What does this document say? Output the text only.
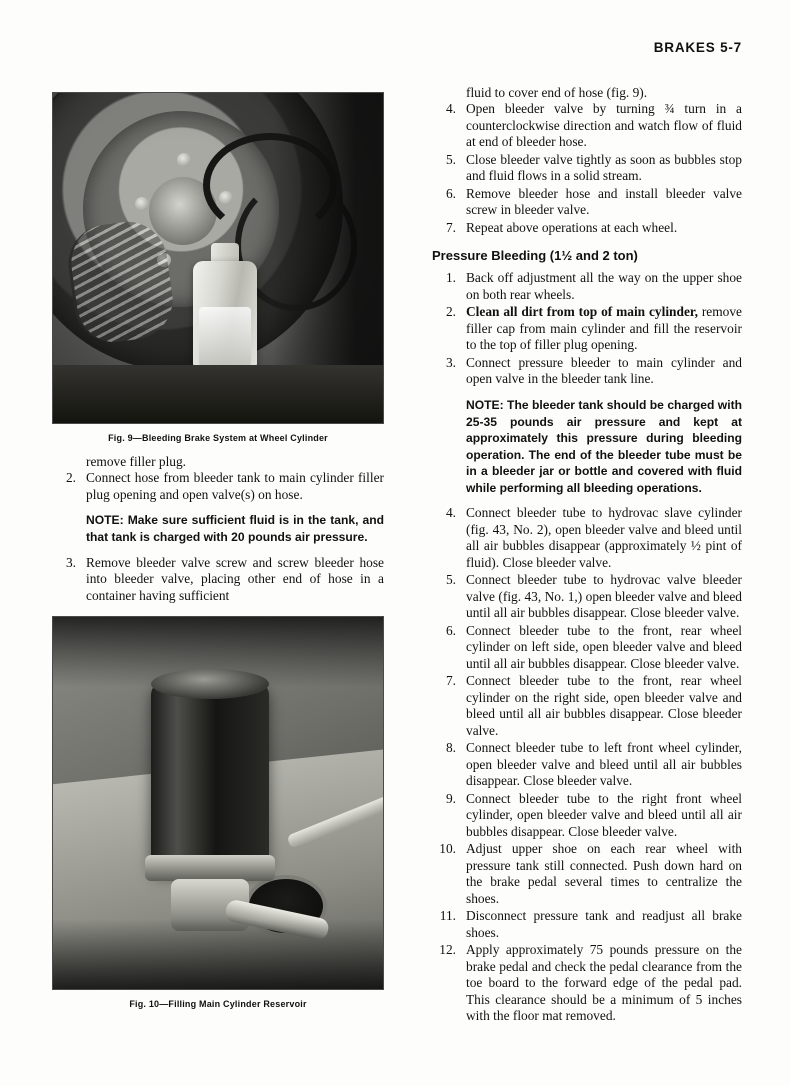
BRAKES 5-7
Fig. 9—Bleeding Brake System at Wheel Cylinder

remove filler plug.

2. Connect hose from bleeder tank to main cylinder filler plug opening and open valve(s) on hose.
NOTE: Make sure sufficient fluid is in the tank, and that tank is charged with 20 pounds air pressure.
3. Remove bleeder valve screw and screw bleeder hose into bleeder valve, placing other end of hose in a container having sufficient
Fig. 10—Filling Main Cylinder Reservoir

fluid to cover end of hose (fig. 9).

4. Open bleeder valve by turning ¾ turn in a counterclockwise direction and watch flow of fluid at end of bleeder hose.
5. Close bleeder valve tightly as soon as bubbles stop and fluid flows in a solid stream.
6. Remove bleeder hose and install bleeder valve screw in bleeder valve.
7. Repeat above operations at each wheel.
Pressure Bleeding (1½ and 2 ton)
1. Back off adjustment all the way on the upper shoe on both rear wheels.
2. Clean all dirt from top of main cylinder, remove filler cap from main cylinder and fill the reservoir to the top of filler plug opening.
3. Connect pressure bleeder to main cylinder and open valve in the bleeder tank line.
NOTE: The bleeder tank should be charged with 25-35 pounds air pressure and kept at approximately this pressure during bleeding operation. The end of the bleeder tube must be in a bleeder jar or bottle and covered with fluid while performing all bleeding operations.
4. Connect bleeder tube to hydrovac slave cylinder (fig. 43, No. 2), open bleeder valve and bleed until all air bubbles disappear (approximately ½ pint of fluid). Close bleeder valve.
5. Connect bleeder tube to hydrovac valve bleeder valve (fig. 43, No. 1,) open bleeder valve and bleed until all air bubbles disappear. Close bleeder valve.
6. Connect bleeder tube to the front, rear wheel cylinder on left side, open bleeder valve and bleed until all air bubbles disappear. Close bleeder valve.
7. Connect bleeder tube to the front, rear wheel cylinder on the right side, open bleeder valve and bleed until all air bubbles disappear. Close bleeder valve.
8. Connect bleeder tube to left front wheel cylinder, open bleeder valve and bleed until all air bubbles disappear. Close bleeder valve.
9. Connect bleeder tube to the right front wheel cylinder, open bleeder valve and bleed until all air bubbles disappear. Close bleeder valve.
10. Adjust upper shoe on each rear wheel with pressure tank still connected. Push down hard on the brake pedal several times to centralize the shoes.
11. Disconnect pressure tank and readjust all brake shoes.
12. Apply approximately 75 pounds pressure on the brake pedal and check the pedal clearance from the toe board to the forward edge of the pedal pad. This clearance should be a minimum of 5 inches with the floor mat removed.
